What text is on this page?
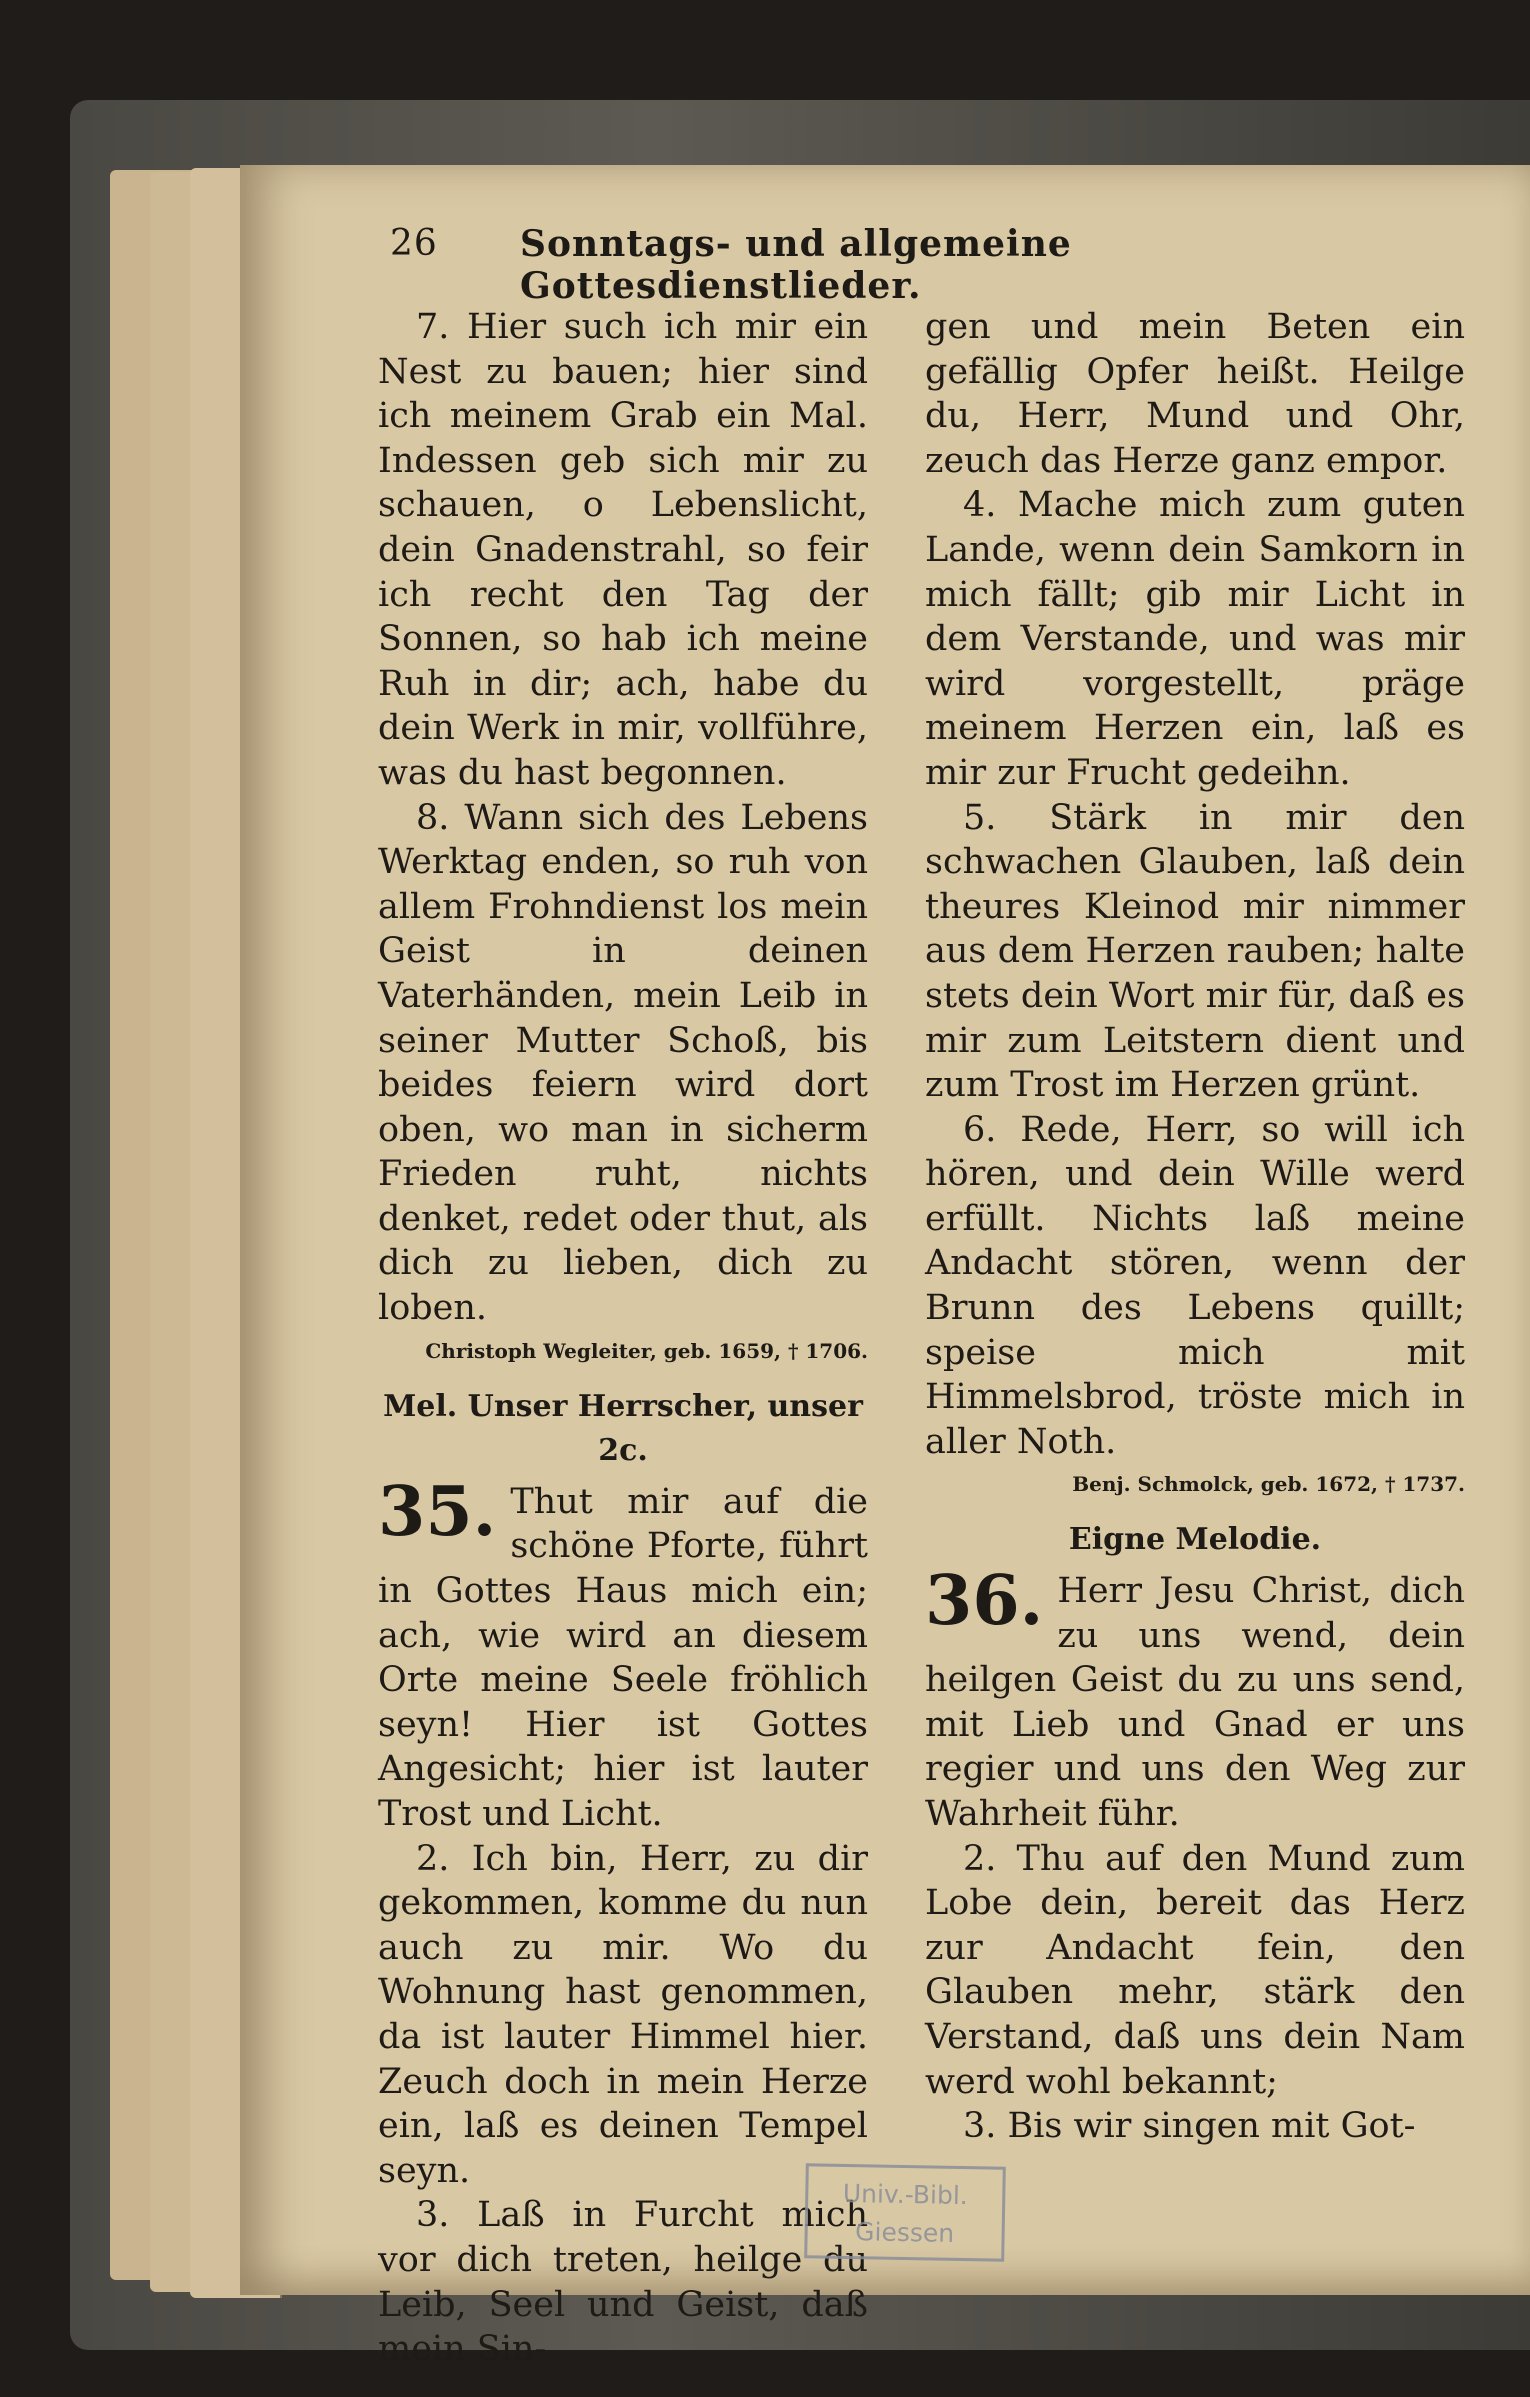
26 Sonntags- und allgemeine Gottesdienstlieder.

7. Hier such ich mir ein Nest zu bauen; hier sind ich meinem Grab ein Mal. Indessen geb sich mir zu schauen, o Lebenslicht, dein Gnadenstrahl, so feir ich recht den Tag der Sonnen, so hab ich meine Ruh in dir; ach, habe du dein Werk in mir, vollführe, was du hast begonnen.

8. Wann sich des Lebens Werktag enden, so ruh von allem Frohndienst los mein Geist in deinen Vaterhänden, mein Leib in seiner Mutter Schoß, bis beides feiern wird dort oben, wo man in sicherm Frieden ruht, nichts denket, redet oder thut, als dich zu lieben, dich zu loben.

Christoph Wegleiter, geb. 1659, † 1706.
Mel. Unser Herrscher, unser 2c.

35. Thut mir auf die schöne Pforte, führt in Gottes Haus mich ein; ach, wie wird an diesem Orte meine Seele fröhlich seyn! Hier ist Gottes Angesicht; hier ist lauter Trost und Licht.

2. Ich bin, Herr, zu dir gekommen, komme du nun auch zu mir. Wo du Wohnung hast genommen, da ist lauter Himmel hier. Zeuch doch in mein Herze ein, laß es deinen Tempel seyn.

3. Laß in Furcht mich vor dich treten, heilge du Leib, Seel und Geist, daß mein Sin-

gen und mein Beten ein gefällig Opfer heißt. Heilge du, Herr, Mund und Ohr, zeuch das Herze ganz empor.

4. Mache mich zum guten Lande, wenn dein Samkorn in mich fällt; gib mir Licht in dem Verstande, und was mir wird vorgestellt, präge meinem Herzen ein, laß es mir zur Frucht gedeihn.

5. Stärk in mir den schwachen Glauben, laß dein theures Kleinod mir nimmer aus dem Herzen rauben; halte stets dein Wort mir für, daß es mir zum Leitstern dient und zum Trost im Herzen grünt.

6. Rede, Herr, so will ich hören, und dein Wille werd erfüllt. Nichts laß meine Andacht stören, wenn der Brunn des Lebens quillt; speise mich mit Himmelsbrod, tröste mich in aller Noth.

Benj. Schmolck, geb. 1672, † 1737.
Eigne Melodie.

36. Herr Jesu Christ, dich zu uns wend, dein heilgen Geist du zu uns send, mit Lieb und Gnad er uns regier und uns den Weg zur Wahrheit führ.

2. Thu auf den Mund zum Lobe dein, bereit das Herz zur Andacht fein, den Glauben mehr, stärk den Verstand, daß uns dein Nam werd wohl bekannt;

3. Bis wir singen mit Got-

Univ.-Bibl.
Giessen
